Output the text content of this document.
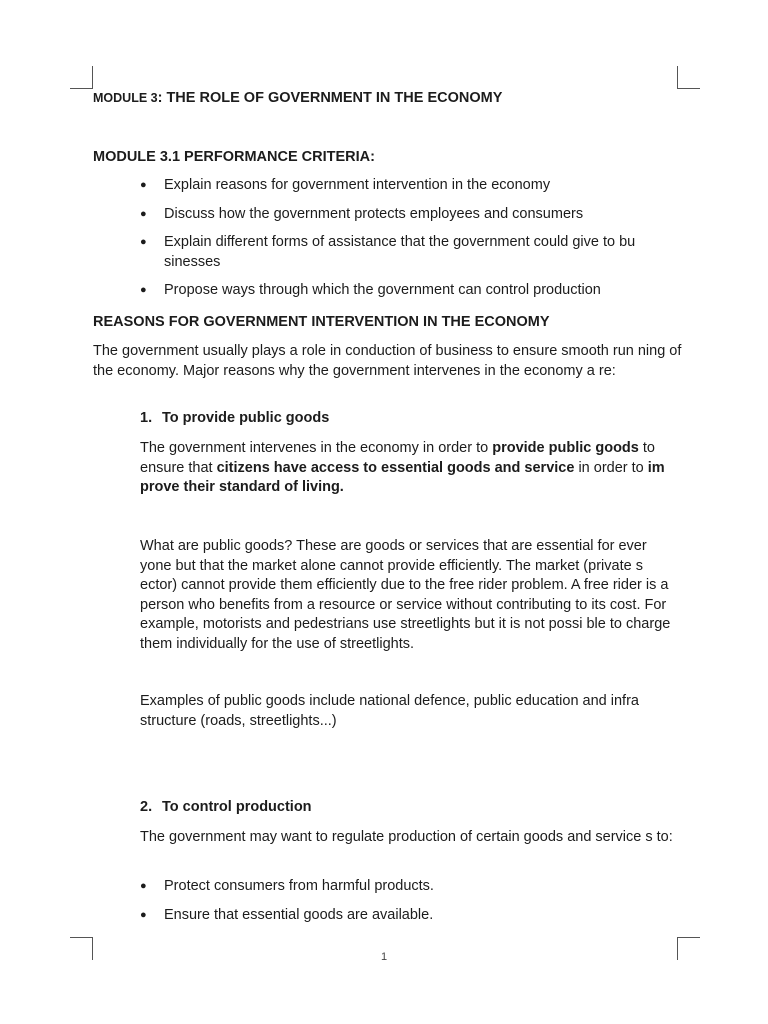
MODULE 3: THE ROLE OF GOVERNMENT IN THE ECONOMY

MODULE 3.1 PERFORMANCE CRITERIA:

● Explain reasons for government intervention in the economy
● Discuss how the government protects employees and consumers
● Explain different forms of assistance that the government could give to bu sinesses
● Propose ways through which the government can control production

REASONS FOR GOVERNMENT INTERVENTION IN THE ECONOMY

The government usually plays a role in conduction of business to ensure smooth run ning of the economy. Major reasons why the government intervenes in the economy a re:

1. To provide public goods

The government intervenes in the economy in order to provide public goods to ensure that citizens have access to essential goods and service in order to im prove their standard of living.

What are public goods? These are goods or services that are essential for ever yone but that the market alone cannot provide efficiently. The market (private s ector) cannot provide them efficiently due to the free rider problem. A free rider is a person who benefits from a resource or service without contributing to its cost. For example, motorists and pedestrians use streetlights but it is not possi ble to charge them individually for the use of streetlights.

Examples of public goods include national defence, public education and infra structure (roads, streetlights...)

2. To control production

The government may want to regulate production of certain goods and service s to:

● Protect consumers from harmful products.
● Ensure that essential goods are available.
1
